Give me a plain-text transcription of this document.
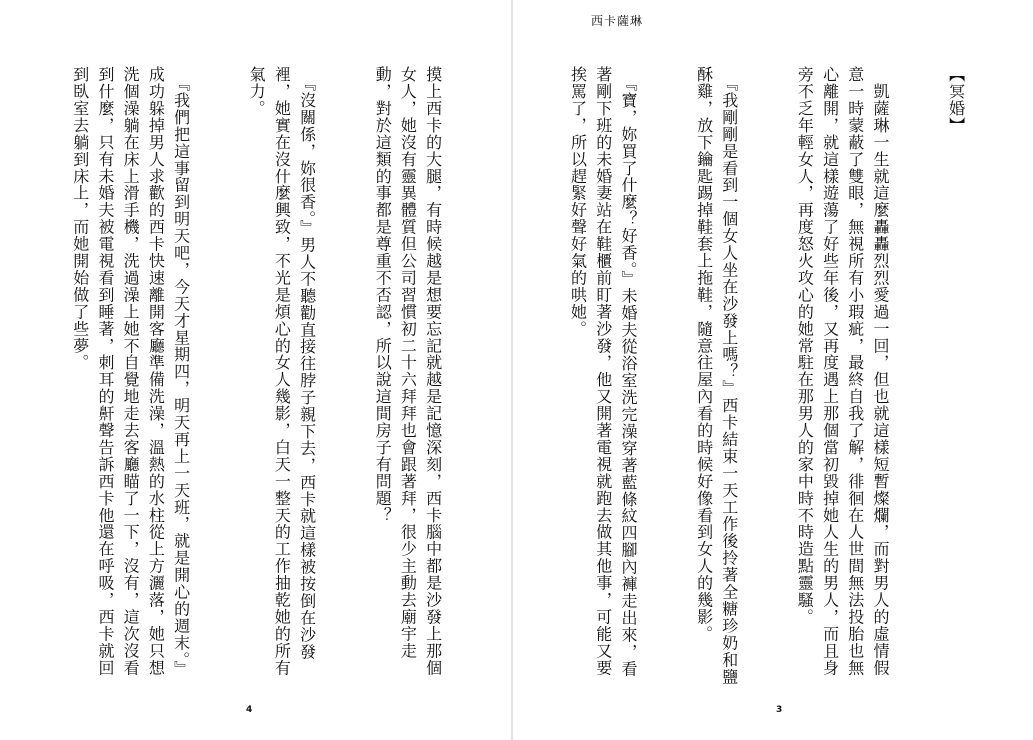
摸上西卡的大腿，有時候越是想要忘記就越是記憶深刻，西卡腦中都是沙發上那個女人，她沒有靈異體質但公司習慣初二十六拜拜也會跟著拜，很少主動去廟宇走動，對於這類的事都是尊重不否認，所以說這間房子有問題？

　『沒關係，妳很香。』男人不聽勸直接往脖子親下去，西卡就這樣被按倒在沙發裡，她實在沒什麼興致，不光是煩心的女人幾影，白天一整天的工作抽乾她的所有氣力。

　『我們把這事留到明天吧，今天才星期四，明天再上一天班，就是開心的週末。』成功躲掉男人求歡的西卡快速離開客廳準備洗澡，溫熱的水柱從上方灑落，她只想洗個澡躺在床上滑手機，洗過澡上她不自覺地走去客廳瞄了一下，沒有，這次沒看到什麼，只有未婚夫被電視看到睡著，刺耳的鼾聲告訴西卡他還在呼吸，西卡就回到臥室去躺到床上，而她開始做了些夢。

4
西卡薩琳

【冥婚】

　凱薩琳一生就這麼轟轟烈烈愛過一回，但也就這樣短暫燦爛，而對男人的虛情假意一時蒙蔽了雙眼，無視所有小瑕疵，最終自我了解，徘徊在人世間無法投胎也無心離開，就這樣遊蕩了好些年後，又再度遇上那個當初毀掉她人生的男人，而且身旁不乏年輕女人，再度怒火攻心的她常駐在那男人的家中時不時造點靈騷。

　『我剛剛是看到一個女人坐在沙發上嗎？』西卡結束一天工作後拎著全糖珍奶和鹽酥雞，放下鑰匙踢掉鞋套上拖鞋，隨意往屋內看的時候好像看到女人的幾影。

　『寶，妳買了什麼？好香。』未婚夫從浴室洗完澡穿著藍條紋四腳內褲走出來，看著剛下班的未婚妻站在鞋櫃前盯著沙發，他又開著電視就跑去做其他事，可能又要挨罵了，所以趕緊好聲好氣的哄她。

3
